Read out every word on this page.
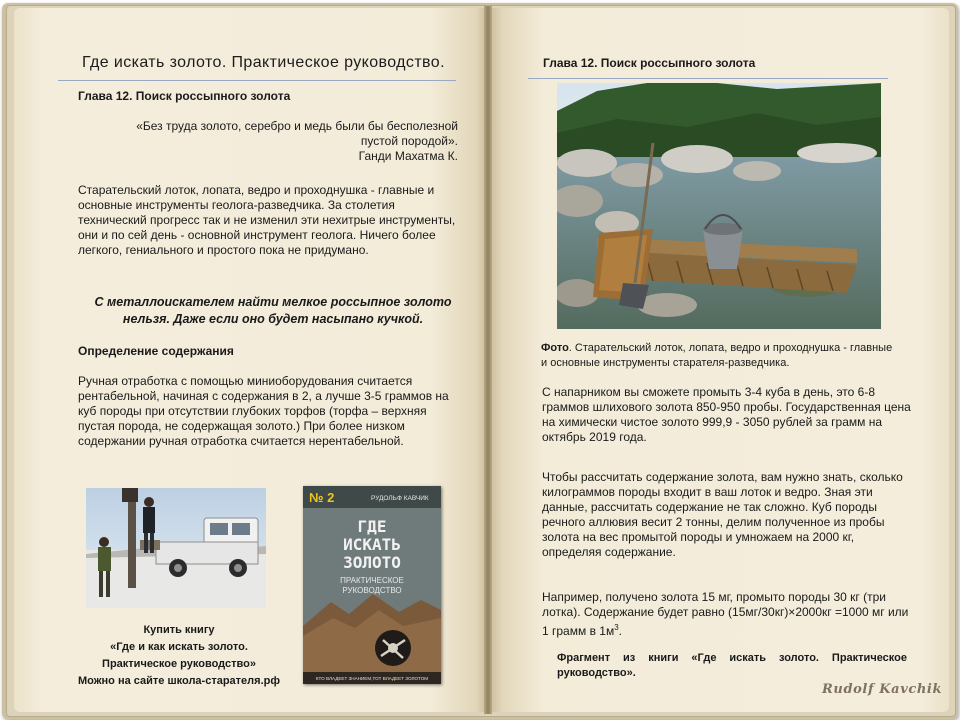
Где искать золото. Практическое руководство.
Глава 12. Поиск россыпного золота
«Без труда золото, серебро и медь были бы бесполезной
пустой породой».
Ганди Махатма К.
Старательский лоток, лопата, ведро и проходнушка - главные и основные инструменты геолога-разведчика. За столетия технический прогресс так и не изменил эти нехитрые инструменты, они и по сей день - основной инструмент геолога. Ничего более легкого, гениального и простого пока не придумано.
С металлоискателем найти мелкое россыпное золото нельзя. Даже если оно будет насыпано кучкой.
Определение содержания
Ручная отработка с помощью миниоборудования считается рентабельной, начиная с содержания в 2, а лучше 3-5 граммов на куб породы при отсутствии глубоких торфов (торфа – верхняя пустая порода, не содержащая золото.) При более низком содержании ручная отработка считается нерентабельной.
№ 2	РУДОЛЬФ КАВЧИК
ГДЕ
ИСКАТЬ
ЗОЛОТО
ПРАКТИЧЕСКОЕ
РУКОВОДСТВО
КТО ВЛАДЕЕТ ЗНАНИЕМ,ТОТ ВЛАДЕЕТ ЗОЛОТОМ
Купить книгу
«Где и как искать золото.
Практическое руководство»
Можно на сайте школа-старателя.рф
Глава 12. Поиск россыпного золота
Фото. Старательский лоток, лопата, ведро и проходнушка - главные и основные инструменты старателя-разведчика.
С напарником вы сможете промыть 3-4 куба в день, это 6-8 граммов шлихового золота 850-950 пробы. Государственная цена на химически чистое золото 999,9 - 3050 рублей за грамм на октябрь 2019 года.
Чтобы рассчитать содержание золота, вам нужно знать, сколько килограммов породы входит в ваш лоток и ведро. Зная эти данные, рассчитать содержание не так сложно. Куб породы речного аллювия весит 2 тонны, делим полученное из пробы золота на вес промытой породы и умножаем на 2000 кг, определяя содержание.
Например, получено золота 15 мг, промыто породы 30 кг (три лотка). Содержание будет равно (15мг/30кг)×2000кг =1000 мг или 1 грамм в $1м^3$.
Фрагмент из книги «Где искать золото. Практическое руководство».
Rudolf Kavchik
